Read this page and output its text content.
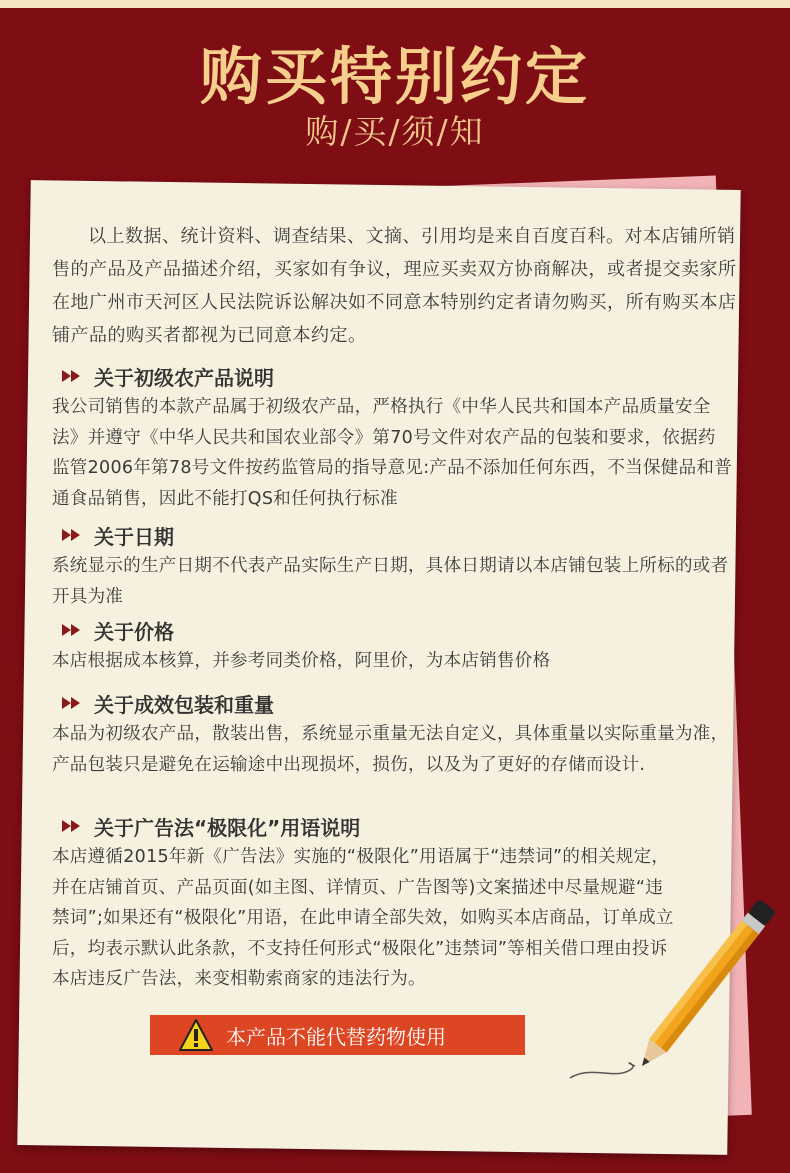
购买特别约定
购/买/须/知

以上数据、统计资料、调查结果、文摘、引用均是来自百度百科。对本店铺所销售的产品及产品描述介绍，买家如有争议，理应买卖双方协商解决，或者提交卖家所在地广州市天河区人民法院诉讼解决如不同意本特别约定者请勿购买，所有购买本店铺产品的购买者都视为已同意本约定。

关于初级农产品说明
我公司销售的本款产品属于初级农产品，严格执行《中华人民共和国本产品质量安全法》并遵守《中华人民共和国农业部令》第70号文件对农产品的包装和要求，依据药监管2006年第78号文件按药监管局的指导意见:产品不添加任何东西，不当保健品和普通食品销售，因此不能打QS和任何执行标准
关于日期
系统显示的生产日期不代表产品实际生产日期，具体日期请以本店铺包装上所标的或者开具为准
关于价格
本店根据成本核算，并参考同类价格，阿里价，为本店销售价格
关于成效包装和重量
本品为初级农产品，散装出售，系统显示重量无法自定义，具体重量以实际重量为准，产品包装只是避免在运输途中出现损坏，损伤，以及为了更好的存储而设计.
关于广告法“极限化”用语说明
本店遵循2015年新《广告法》实施的“极限化”用语属于“违禁词”的相关规定，并在店铺首页、产品页面(如主图、详情页、广告图等)文案描述中尽量规避“违禁词”;如果还有“极限化”用语，在此申请全部失效，如购买本店商品，订单成立后，均表示默认此条款，不支持任何形式“极限化”违禁词”等相关借口理由投诉本店违反广告法，来变相勒索商家的违法行为。
本产品不能代替药物使用
